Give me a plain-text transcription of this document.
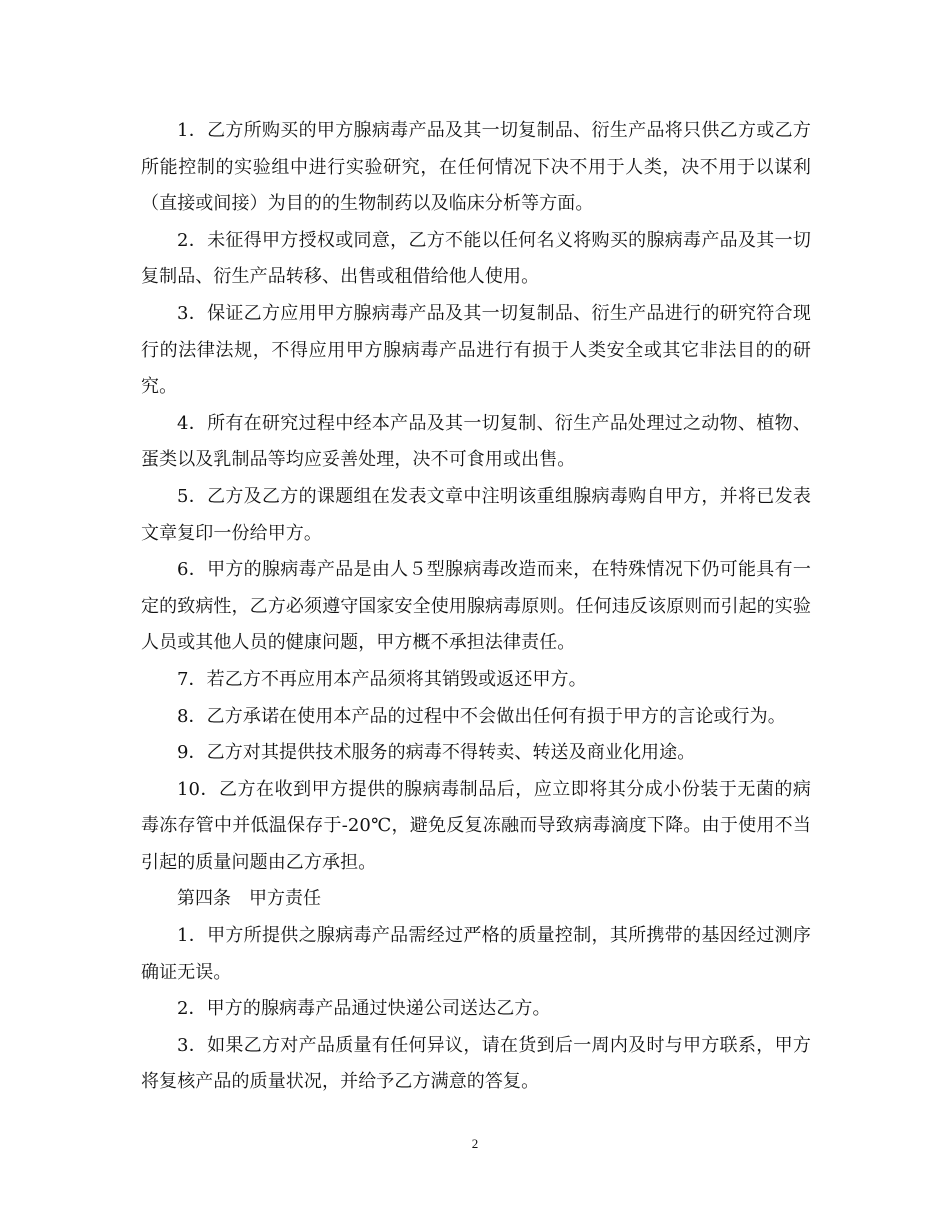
1．乙方所购买的甲方腺病毒产品及其一切复制品、衍生产品将只供乙方或乙方所能控制的实验组中进行实验研究，在任何情况下决不用于人类，决不用于以谋利（直接或间接）为目的的生物制药以及临床分析等方面。

2．未征得甲方授权或同意，乙方不能以任何名义将购买的腺病毒产品及其一切复制品、衍生产品转移、出售或租借给他人使用。

3．保证乙方应用甲方腺病毒产品及其一切复制品、衍生产品进行的研究符合现行的法律法规，不得应用甲方腺病毒产品进行有损于人类安全或其它非法目的的研究。

4．所有在研究过程中经本产品及其一切复制、衍生产品处理过之动物、植物、蛋类以及乳制品等均应妥善处理，决不可食用或出售。

5．乙方及乙方的课题组在发表文章中注明该重组腺病毒购自甲方，并将已发表文章复印一份给甲方。

6．甲方的腺病毒产品是由人５型腺病毒改造而来，在特殊情况下仍可能具有一定的致病性，乙方必须遵守国家安全使用腺病毒原则。任何违反该原则而引起的实验人员或其他人员的健康问题，甲方概不承担法律责任。

7．若乙方不再应用本产品须将其销毁或返还甲方。

8．乙方承诺在使用本产品的过程中不会做出任何有损于甲方的言论或行为。

9．乙方对其提供技术服务的病毒不得转卖、转送及商业化用途。

10．乙方在收到甲方提供的腺病毒制品后，应立即将其分成小份装于无菌的病毒冻存管中并低温保存于-20℃，避免反复冻融而导致病毒滴度下降。由于使用不当引起的质量问题由乙方承担。

第四条　甲方责任

1．甲方所提供之腺病毒产品需经过严格的质量控制，其所携带的基因经过测序确证无误。

2．甲方的腺病毒产品通过快递公司送达乙方。

3．如果乙方对产品质量有任何异议，请在货到后一周内及时与甲方联系，甲方将复核产品的质量状况，并给予乙方满意的答复。

2
